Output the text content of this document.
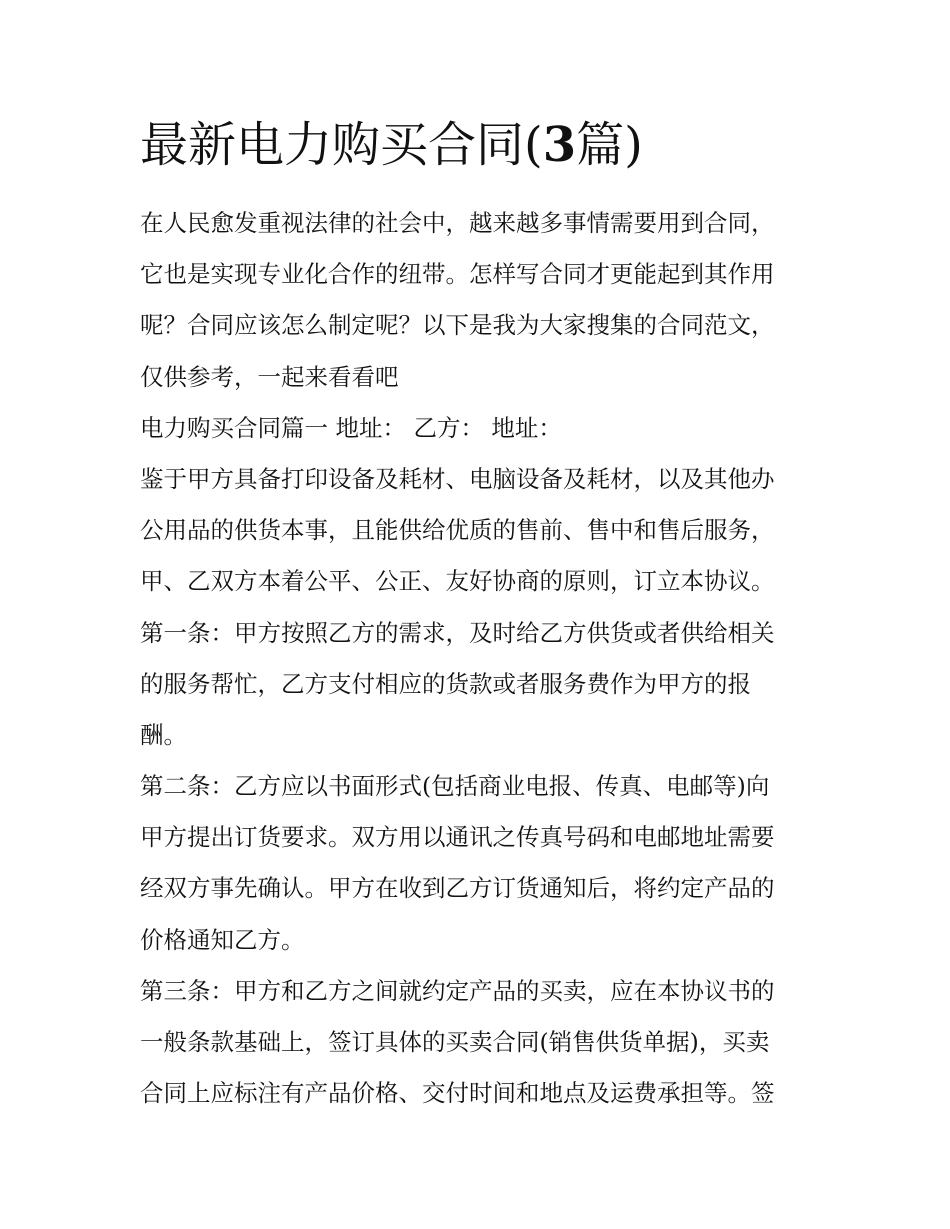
最新电力购买合同(3篇)
在人民愈发重视法律的社会中，越来越多事情需要用到合同，
它也是实现专业化合作的纽带。怎样写合同才更能起到其作用
呢？合同应该怎么制定呢？以下是我为大家搜集的合同范文，
仅供参考，一起来看看吧
电力购买合同篇一 地址： 乙方： 地址：
鉴于甲方具备打印设备及耗材、电脑设备及耗材，以及其他办
公用品的供货本事，且能供给优质的售前、售中和售后服务，
甲、乙双方本着公平、公正、友好协商的原则，订立本协议。
第一条：甲方按照乙方的需求，及时给乙方供货或者供给相关
的服务帮忙，乙方支付相应的货款或者服务费作为甲方的报
酬。
第二条：乙方应以书面形式(包括商业电报、传真、电邮等)向
甲方提出订货要求。双方用以通讯之传真号码和电邮地址需要
经双方事先确认。甲方在收到乙方订货通知后，将约定产品的
价格通知乙方。
第三条：甲方和乙方之间就约定产品的买卖，应在本协议书的
一般条款基础上，签订具体的买卖合同(销售供货单据)，买卖
合同上应标注有产品价格、交付时间和地点及运费承担等。签
